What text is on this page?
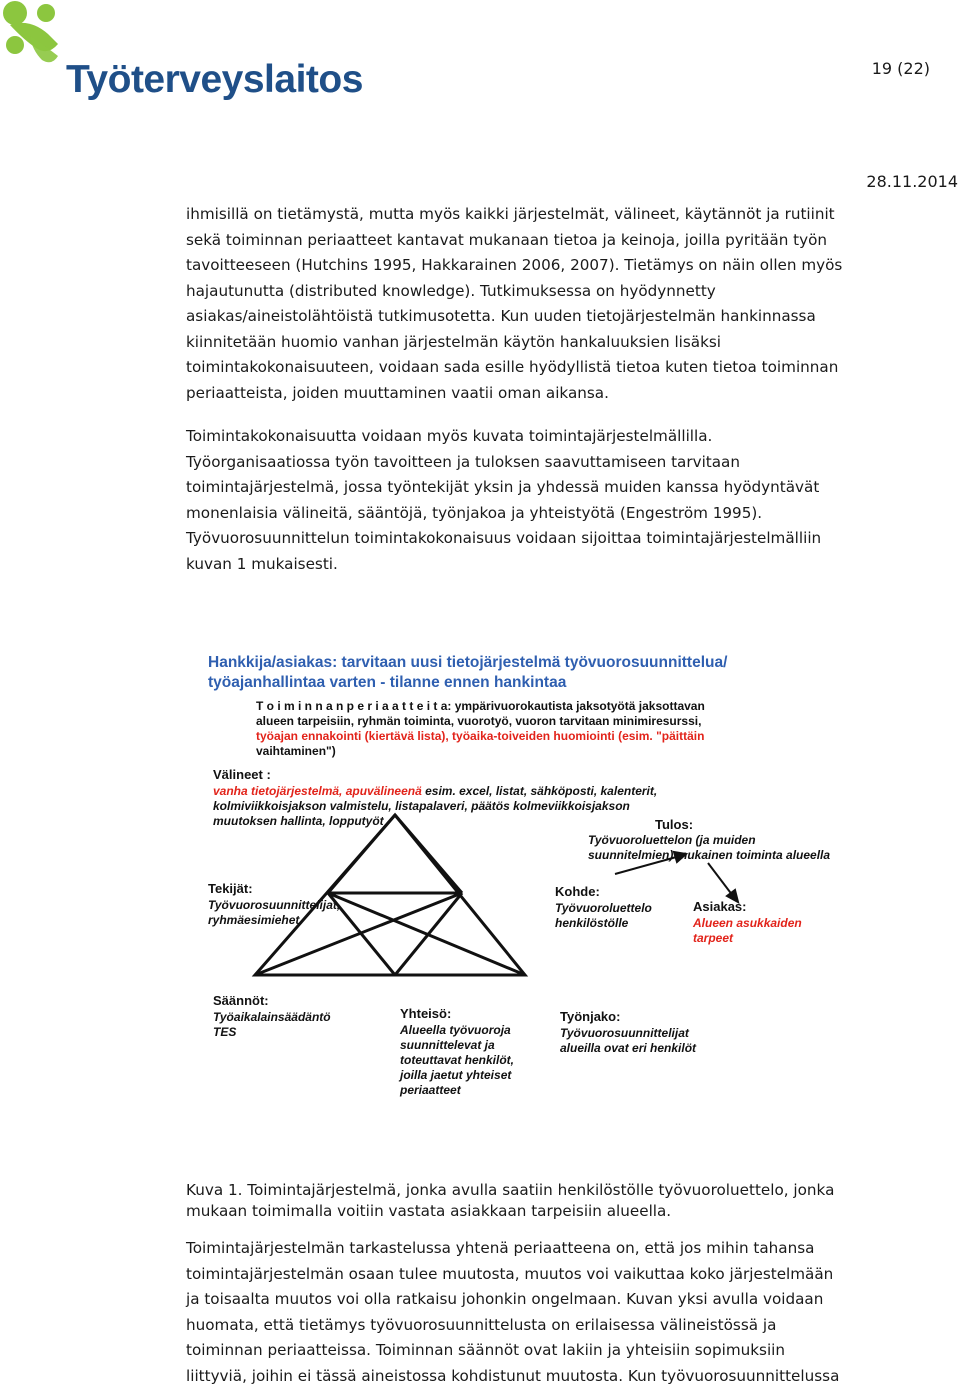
Työterveyslaitos	19 (22)
28.11.2014
ihmisillä on tietämystä, mutta myös kaikki järjestelmät, välineet, käytännöt ja rutiinit
sekä toiminnan periaatteet kantavat mukanaan tietoa ja keinoja, joilla pyritään työn
tavoitteeseen (Hutchins 1995, Hakkarainen 2006, 2007). Tietämys on näin ollen myös
hajautunutta (distributed knowledge). Tutkimuksessa on hyödynnetty
asiakas/aineistolähtöistä tutkimusotetta. Kun uuden tietojärjestelmän hankinnassa
kiinnitetään huomio vanhan järjestelmän käytön hankaluuksien lisäksi
toimintakokonaisuuteen, voidaan sada esille hyödyllistä tietoa kuten tietoa toiminnan
periaatteista, joiden muuttaminen vaatii oman aikansa.
Toimintakokonaisuutta voidaan myös kuvata toimintajärjestelmällilla.
Työorganisaatiossa työn tavoitteen ja tuloksen saavuttamiseen tarvitaan
toimintajärjestelmä, jossa työntekijät yksin ja yhdessä muiden kanssa hyödyntävät
monenlaisia välineitä, sääntöjä, työnjakoa ja yhteistyötä (Engeström 1995).
Työvuorosuunnittelun toimintakokonaisuus voidaan sijoittaa toimintajärjestelmälliin
kuvan 1 mukaisesti.
Hankkija/asiakas: tarvitaan uusi tietojärjestelmä työvuorosuunnittelua/
työajanhallintaa varten - tilanne ennen hankintaa
T o i m i n n a n p e r i a a t t e i t a: ympärivuorokautista jaksotyötä jaksottavan
alueen tarpeisiin, ryhmän toiminta, vuorotyö, vuoron tarvitaan minimiresurssi,
työajan ennakointi (kiertävä lista), työaika-toiveiden huomiointi (esim. "päittäin
vaihtaminen")
Välineet :
vanha tietojärjestelmä, apuvälineenä esim. excel, listat, sähköposti, kalenterit,
kolmiviikkoisjakson valmistelu, listapalaveri, päätös kolmeviikkoisjakson
muutoksen hallinta, lopputyöt	Tulos:
Työvuoroluettelon (ja muiden
suunnitelmien) mukainen toiminta alueella
Tekijät:
Työvuorosuunnittelijat,
ryhmäesimiehet
Kohde:
Työvuoroluettelo
henkilöstölle
Asiakas:
Alueen asukkaiden
tarpeet
Säännöt:
Työaikalainsäädäntö
TES
Yhteisö:
Alueella työvuoroja
suunnittelevat ja
toteuttavat henkilöt,
joilla jaetut yhteiset
periaatteet
Työnjako:
Työvuorosuunnittelijat
alueilla ovat eri henkilöt
Kuva 1. Toimintajärjestelmä, jonka avulla saatiin henkilöstölle työvuoroluettelo, jonka
mukaan toimimalla voitiin vastata asiakkaan tarpeisiin alueella.
Toimintajärjestelmän tarkastelussa yhtenä periaatteena on, että jos mihin tahansa
toimintajärjestelmän osaan tulee muutosta, muutos voi vaikuttaa koko järjestelmään
ja toisaalta muutos voi olla ratkaisu johonkin ongelmaan. Kuvan yksi avulla voidaan
huomata, että tietämys työvuorosuunnittelusta on erilaisessa välineistössä ja
toiminnan periaatteissa. Toiminnan säännöt ovat lakiin ja yhteisiin sopimuksiin
liittyviä, joihin ei tässä aineistossa kohdistunut muutosta. Kun työvuorosuunnittelussa
